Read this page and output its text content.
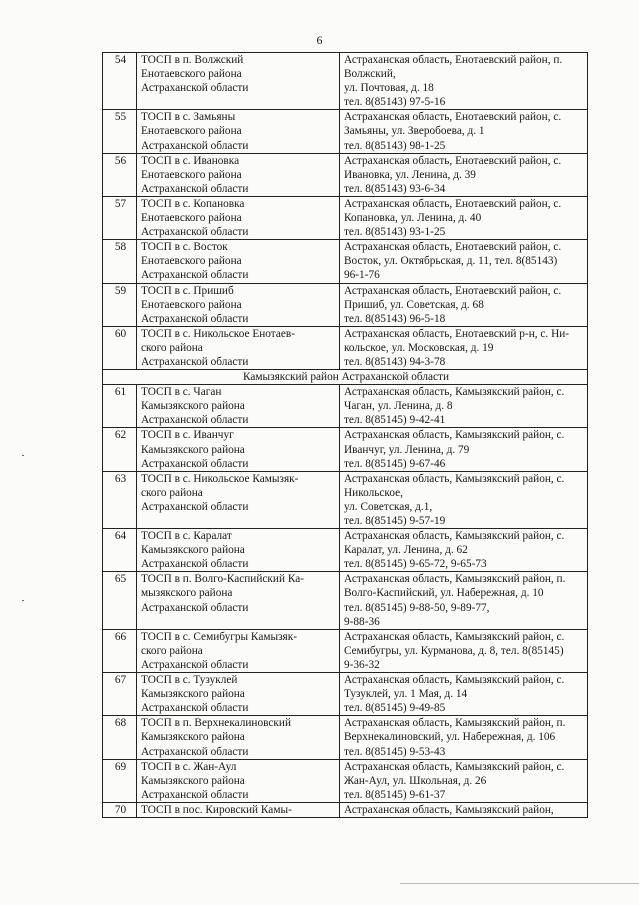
6
54	ТОСП в п. Волжский
Енотаевского района
Астраханской области	Астраханская область, Енотаевский район, п.
Волжский,
ул. Почтовая, д. 18
тел. 8(85143) 97-5-16

55	ТОСП в с. Замьяны
Енотаевского района
Астраханской области	Астраханская область, Енотаевский район, с.
Замьяны, ул. Зверобоева, д. 1
тел. 8(85143) 98-1-25

56	ТОСП в с. Ивановка
Енотаевского района
Астраханской области	Астраханская область, Енотаевский район, с.
Ивановка, ул. Ленина, д. 39
тел. 8(85143) 93-6-34

57	ТОСП в с. Копановка
Енотаевского района
Астраханской области	Астраханская область, Енотаевский район, с.
Копановка, ул. Ленина, д. 40
тел. 8(85143) 93-1-25

58	ТОСП в с. Восток
Енотаевского района
Астраханской области	Астраханская область, Енотаевский район, с.
Восток, ул. Октябрьская, д. 11, тел. 8(85143)
96-1-76

59	ТОСП в с. Пришиб
Енотаевского района
Астраханской области	Астраханская область, Енотаевский район, с.
Пришиб, ул. Советская, д. 68
тел. 8(85143) 96-5-18

60	ТОСП в с. Никольское Енотаев-
ского района
Астраханской области	Астраханская область, Енотаевский р-н, с. Ни-
кольское, ул. Московская, д. 19
тел. 8(85143) 94-3-78

Камызякский район Астраханской области		
61	ТОСП в с. Чаган
Камызякского района
Астраханской области	Астраханская область, Камызякский район, с.
Чаган, ул. Ленина, д. 8
тел. 8(85145) 9-42-41

62	ТОСП в с. Иванчуг
Камызякского района
Астраханской области	Астраханская область, Камызякский район, с.
Иванчуг, ул. Ленина, д. 79
тел. 8(85145) 9-67-46

63	ТОСП в с. Никольское Камызяк-
ского района
Астраханской области	Астраханская область, Камызякский район, с.
Никольское,
ул. Советская, д.1,
тел. 8(85145) 9-57-19

64	ТОСП в с. Каралат
Камызякского района
Астраханской области	Астраханская область, Камызякский район, с.
Каралат, ул. Ленина, д. 62
тел. 8(85145) 9-65-72, 9-65-73

65	ТОСП в п. Волго-Каспийский Ка-
мызякского района
Астраханской области	Астраханская область, Камызякский район, п.
Волго-Каспийский, ул. Набережная, д. 10
тел. 8(85145) 9-88-50, 9-89-77,
9-88-36

66	ТОСП в с. Семибугры Камызяк-
ского района
Астраханской области	Астраханская область, Камызякский район, с.
Семибугры, ул. Курманова, д. 8, тел. 8(85145)
9-36-32

67	ТОСП в с. Тузуклей
Камызякского района
Астраханской области	Астраханская область, Камызякский район, с.
Тузуклей, ул. 1 Мая, д. 14
тел. 8(85145) 9-49-85

68	ТОСП в п. Верхнекалиновский
Камызякского района
Астраханской области	Астраханская область, Камызякский район, п.
Верхнекалиновский, ул. Набережная, д. 106
тел. 8(85145) 9-53-43

69	ТОСП в с. Жан-Аул
Камызякского района
Астраханской области	Астраханская область, Камызякский район, с.
Жан-Аул, ул. Школьная, д. 26
тел. 8(85145) 9-61-37

70	ТОСП в пос. Кировский Камы-	Астраханская область, Камызякский район,
